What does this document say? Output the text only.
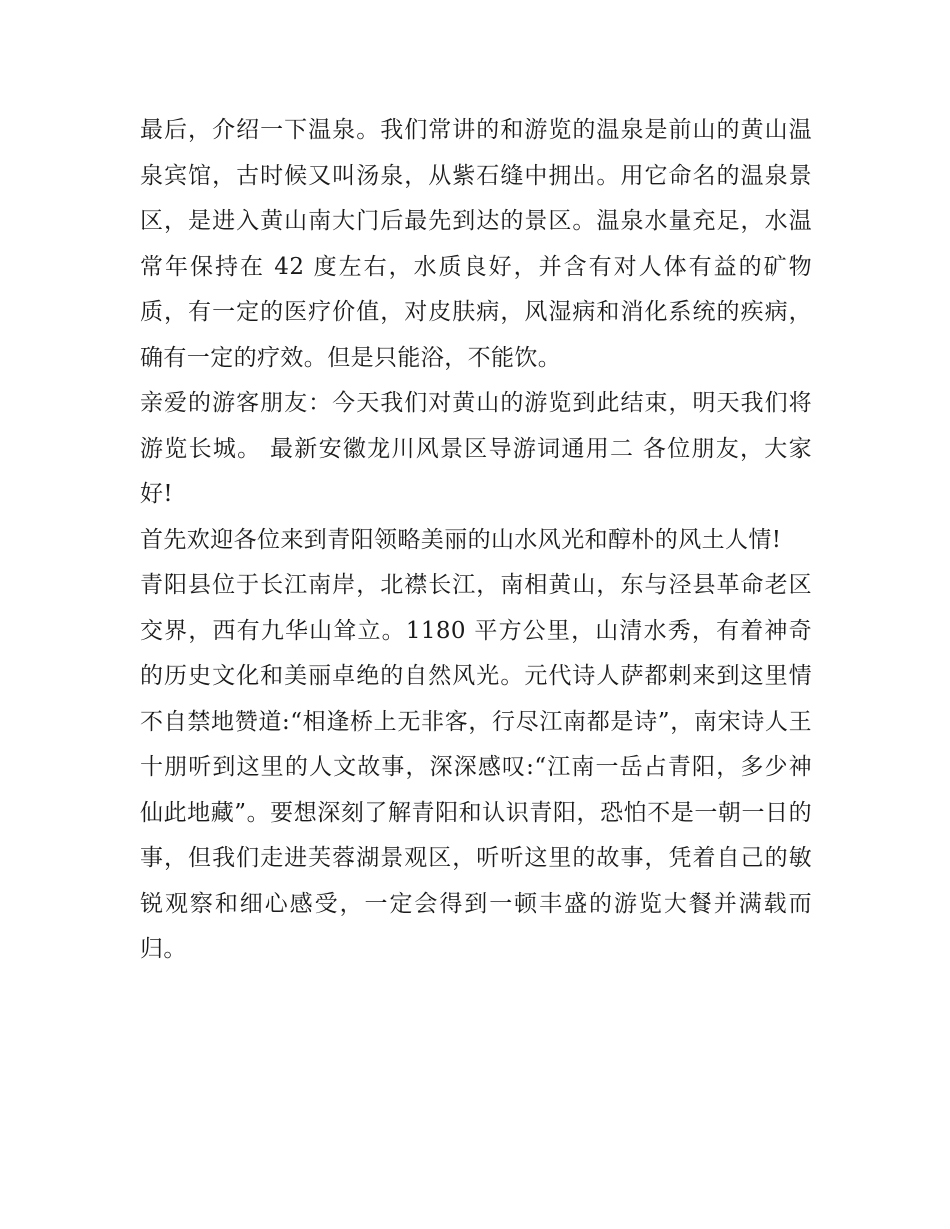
最后，介绍一下温泉。我们常讲的和游览的温泉是前山的黄山温泉宾馆，古时候又叫汤泉，从紫石缝中拥出。用它命名的温泉景区，是进入黄山南大门后最先到达的景区。温泉水量充足，水温常年保持在 42 度左右，水质良好，并含有对人体有益的矿物质，有一定的医疗价值，对皮肤病，风湿病和消化系统的疾病，确有一定的疗效。但是只能浴，不能饮。

亲爱的游客朋友：今天我们对黄山的游览到此结束，明天我们将游览长城。 最新安徽龙川风景区导游词通用二 各位朋友，大家好!

首先欢迎各位来到青阳领略美丽的山水风光和醇朴的风土人情!

青阳县位于长江南岸，北襟长江，南相黄山，东与泾县革命老区交界，西有九华山耸立。1180 平方公里，山清水秀，有着神奇的历史文化和美丽卓绝的自然风光。元代诗人萨都剌来到这里情不自禁地赞道:“相逢桥上无非客，行尽江南都是诗”，南宋诗人王十朋听到这里的人文故事，深深感叹:“江南一岳占青阳，多少神仙此地藏”。要想深刻了解青阳和认识青阳，恐怕不是一朝一日的事，但我们走进芙蓉湖景观区，听听这里的故事，凭着自己的敏锐观察和细心感受，一定会得到一顿丰盛的游览大餐并满载而归。
